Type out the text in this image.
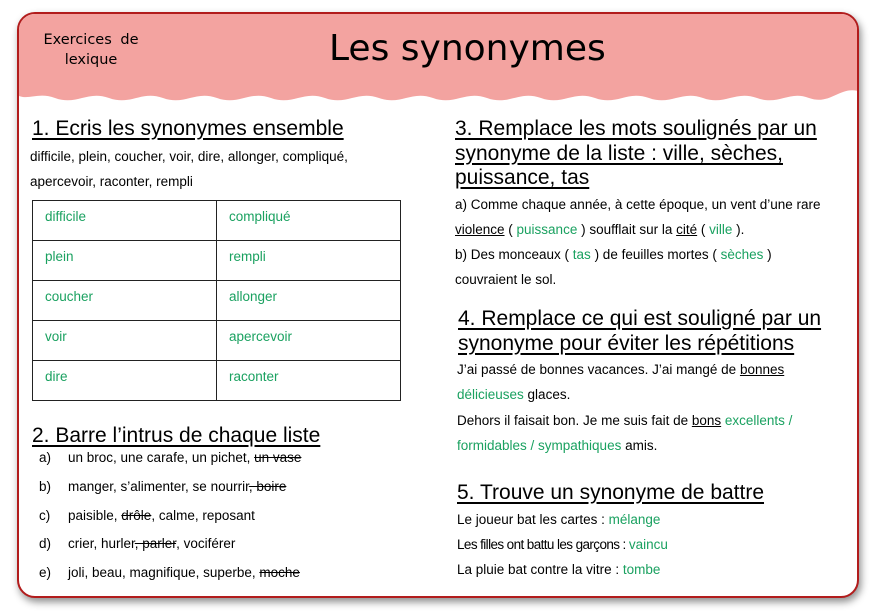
Exercices de lexique	Les synonymes
1. Ecris les synonymes ensemble
difficile, plein, coucher, voir, dire, allonger, compliqué,
apercevoir, raconter, rempli
difficile	compliqué
plein	rempli
coucher	allonger
voir	apercevoir
dire	raconter
2. Barre l’intrus de chaque liste
a) un broc, une carafe, un pichet, un vase
b) manger, s’alimenter, se nourrir, boire
c) paisible, drôle, calme, reposant
d) crier, hurler, parler, vociférer
e) joli, beau, magnifique, superbe, moche
3. Remplace les mots soulignés par un
synonyme de la liste : ville, sèches,
puissance, tas
a) Comme chaque année, à cette époque, un vent d’une rare
violence ( puissance ) soufflait sur la cité ( ville ).
b) Des monceaux ( tas ) de feuilles mortes ( sèches )
couvraient le sol.
4. Remplace ce qui est souligné par un
synonyme pour éviter les répétitions
J’ai passé de bonnes vacances. J’ai mangé de bonnes
délicieuses glaces.
Dehors il faisait bon. Je me suis fait de bons excellents /
formidables / sympathiques amis.
5. Trouve un synonyme de battre
Le joueur bat les cartes : mélange
Les filles ont battu les garçons : vaincu
La pluie bat contre la vitre : tombe
